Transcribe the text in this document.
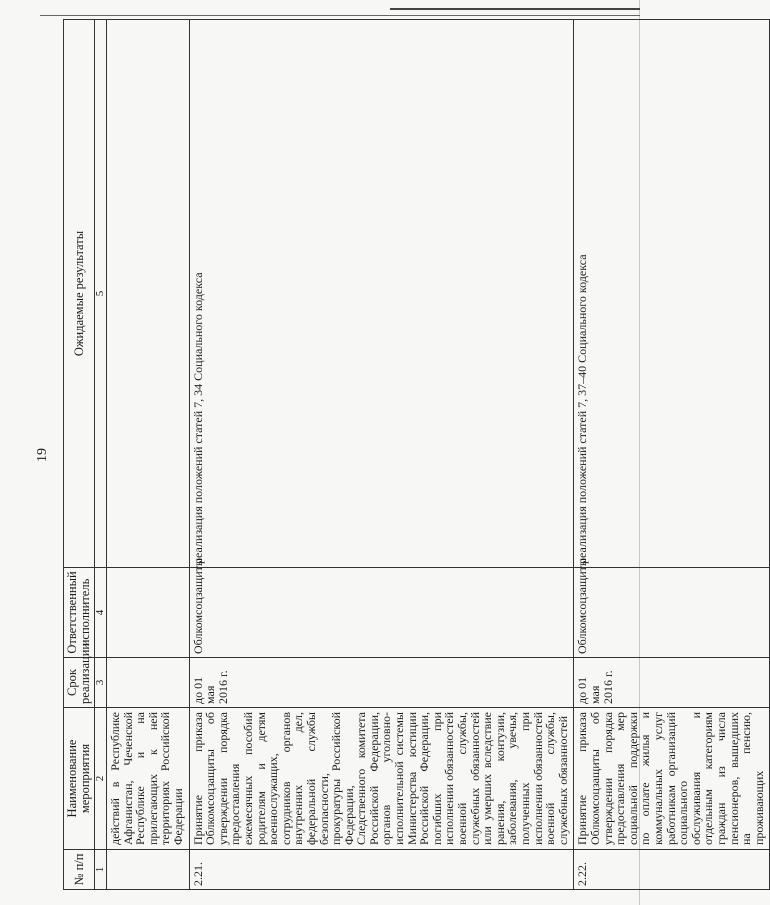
19
№ п/п	Наименование мероприятия	Срок реализации	Ответственный исполнитель	Ожидаемые результаты
1	2	3	4	5
	действий в Республике Афганистан, Чеченской Республике и на прилегающих к ней территориях Российской Федерации			
2.21.	Принятие приказа Облкомсоцзащиты об утверждении порядка предоставления ежемесячных пособий родителям и детям военнослужащих, сотрудников органов внутренних дел, федеральной службы безопасности, прокуратуры Российской Федерации, Следственного комитета Российской Федерации, органов уголовно-исполнительной системы Министерства юстиции Российской Федерации, погибших при исполнении обязанностей военной службы, служебных обязанностей или умерших вследствие ранения, контузии, заболевания, увечья, полученных при исполнении обязанностей военной службы, служебных обязанностей	до 01 мая 2016 г.	Облкомсоцзащиты	реализация положений статей 7, 34 Социального кодекса
2.22.	Принятие приказа Облкомсоцзащиты об утверждении порядка предоставления мер социальной поддержки по оплате жилья и коммунальных услуг работникам организаций социального обслуживания и отдельным категориям граждан из числа пенсионеров, вышедших на пенсию, проживающих	до 01 мая 2016 г.	Облкомсоцзащиты	реализация положений статей 7, 37–40 Социального кодекса
